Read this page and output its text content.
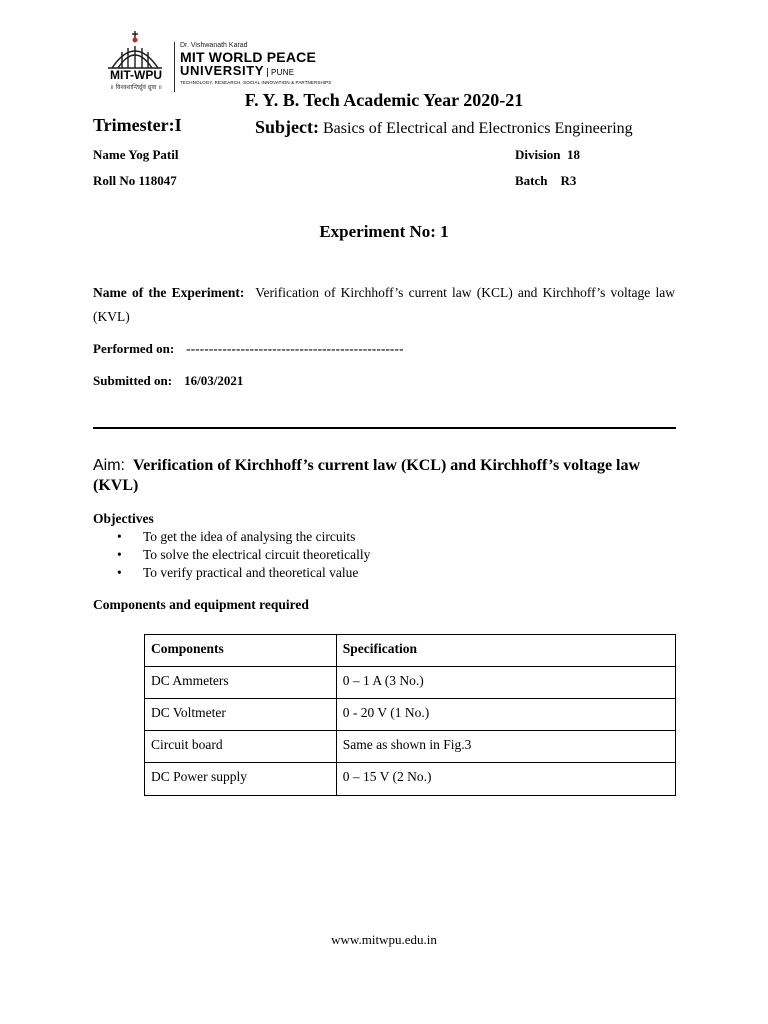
MIT-WPU
॥ विश्वशान्तिर्ध्रुवं ध्रुवा ॥
Dr. Vishwanath Karad
MIT WORLD PEACE
UNIVERSITY PUNE
TECHNOLOGY, RESEARCH, SOCIAL INNOVATION & PARTNERSHIPS
F. Y. B. Tech Academic Year 2020-21
Trimester:I	Subject: Basics of Electrical and Electronics Engineering
Name Yog Patil	Division  18
Roll No 118047	Batch    R3
Experiment No: 1
Name of the Experiment: Verification of Kirchhoff’s current law (KCL) and Kirchhoff’s voltage law (KVL)
Performed on: ------------------------------------------------
Submitted on: 16/03/2021
Aim: Verification of Kirchhoff’s current law (KCL) and Kirchhoff’s voltage law (KVL)
Objectives
• To get the idea of analysing the circuits
• To solve the electrical circuit theoretically
• To verify practical and theoretical value
Components and equipment required
Components	Specification
DC Ammeters	0 – 1 A (3 No.)
DC Voltmeter	0 - 20 V (1 No.)
Circuit board	Same as shown in Fig.3
DC Power supply	0 – 15 V (2 No.)
www.mitwpu.edu.in
